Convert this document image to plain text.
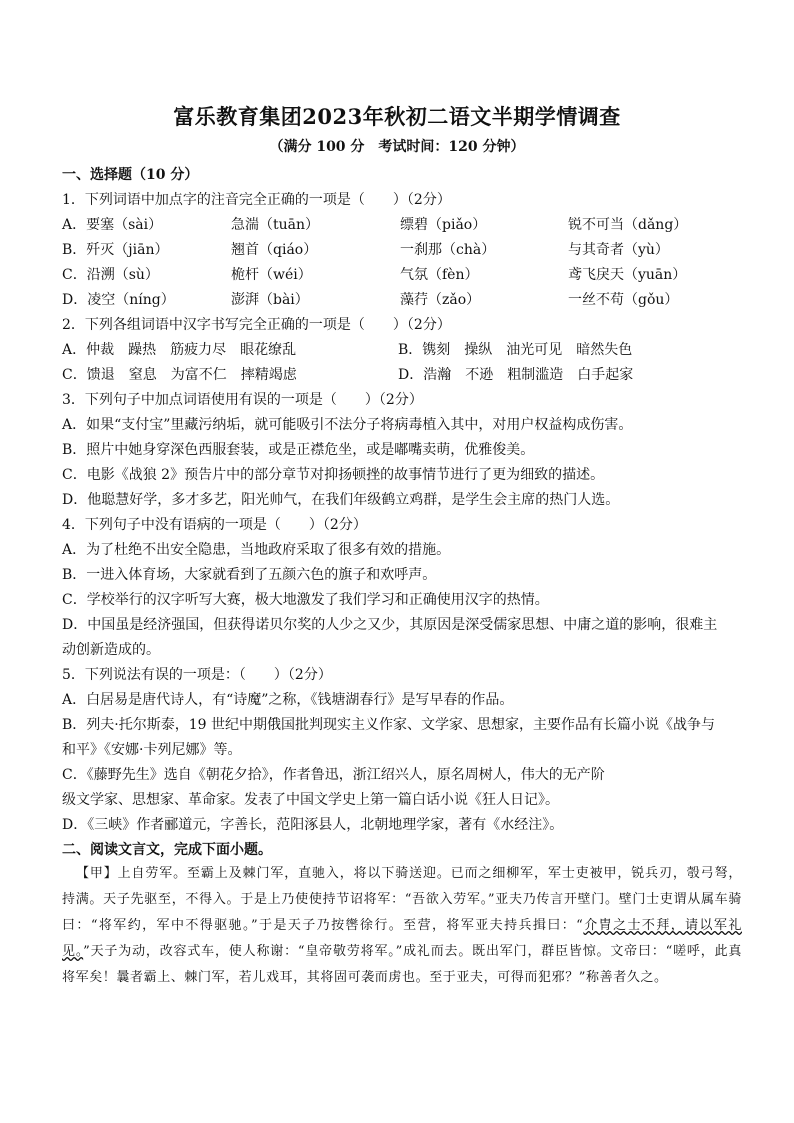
富乐教育集团2023年秋初二语文半期学情调查
（满分 100 分　考试时间：120 分钟）
一、选择题（10 分）
1．下列词语中加点字的注音完全正确的一项是（　　）（2分）
A．要塞（sài）	急湍（tuān）	缥碧（piǎo）	锐不可当（dǎng）
B．歼灭（jiān）	翘首（qiáo）	一刹那（chà）	与其奇者（yù）
C．沿溯（sù）	桅杆（wéi）	气氛（fèn）	鸢飞戾天（yuān）
D．凌空（níng）	澎湃（bài）	藻荇（zǎo）	一丝不苟（gǒu）
2．下列各组词语中汉字书写完全正确的一项是（　　）（2分）
A．仲裁　躁热　筋疲力尽　眼花缭乱	B．镌刻　操纵　油光可见　暗然失色
C．馈退　窒息　为富不仁　摔精竭虑	D．浩瀚　不逊　粗制滥造　白手起家
3．下列句子中加点词语使用有误的一项是（　　）（2分）
A．如果“支付宝”里藏污纳垢，就可能吸引不法分子将病毒植入其中，对用户权益构成伤害。
B．照片中她身穿深色西服套装，或是正襟危坐，或是嘟嘴卖萌，优雅俊美。
C．电影《战狼 2》预告片中的部分章节对抑扬顿挫的故事情节进行了更为细致的描述。
D．他聪慧好学，多才多艺，阳光帅气，在我们年级鹤立鸡群，是学生会主席的热门人选。
4．下列句子中没有语病的一项是（　　）（2分）
A．为了杜绝不出安全隐患，当地政府采取了很多有效的措施。
B．一进入体育场，大家就看到了五颜六色的旗子和欢呼声。
C．学校举行的汉字听写大赛，极大地激发了我们学习和正确使用汉字的热情。
D．中国虽是经济强国，但获得诺贝尔奖的人少之又少，其原因是深受儒家思想、中庸之道的影响，很难主
动创新造成的。
5．下列说法有误的一项是：（　　）（2分）
A．白居易是唐代诗人，有“诗魔”之称，《钱塘湖春行》是写早春的作品。
B．列夫·托尔斯泰，19 世纪中期俄国批判现实主义作家、文学家、思想家，主要作品有长篇小说《战争与
和平》《安娜·卡列尼娜》等。
C．《藤野先生》选自《朝花夕拾》，作者鲁迅，浙江绍兴人，原名周树人，伟大的无产阶
级文学家、思想家、革命家。发表了中国文学史上第一篇白话小说《狂人日记》。
D．《三峡》作者郦道元，字善长，范阳涿县人，北朝地理学家，著有《水经注》。
二、阅读文言文，完成下面小题。
【甲】上自劳军。至霸上及棘门军，直驰入，将以下骑送迎。已而之细柳军，军士吏被甲，锐兵刃，彀弓弩，持满。天子先驱至，不得入。于是上乃使使持节诏将军：“吾欲入劳军。”亚夫乃传言开壁门。壁门士吏谓从属车骑曰：“将军约，军中不得驱驰。”于是天子乃按辔徐行。至营，将军亚夫持兵揖曰：“介胄之士不拜，请以军礼见。”天子为动，改容式车，使人称谢：“皇帝敬劳将军。”成礼而去。既出军门，群臣皆惊。文帝曰：“嗟呼，此真将军矣！曩者霸上、棘门军，若儿戏耳，其将固可袭而虏也。至于亚夫，可得而犯邪？”称善者久之。
